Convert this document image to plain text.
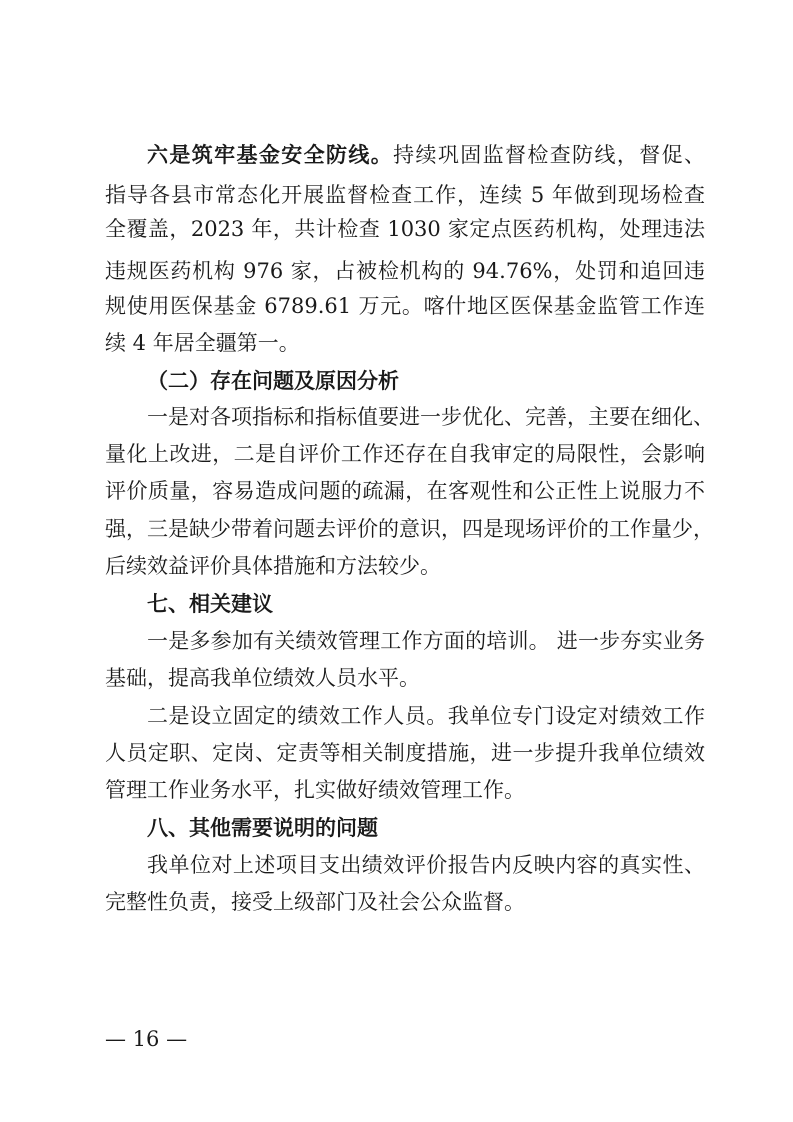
六是筑牢基金安全防线。持续巩固监督检查防线，督促、
指导各县市常态化开展监督检查工作，连续 5 年做到现场检查
全覆盖，2023 年，共计检查 1030 家定点医药机构，处理违法
违规医药机构 976 家，占被检机构的 94.76%，处罚和追回违
规使用医保基金 6789.61 万元。喀什地区医保基金监管工作连
续 4 年居全疆第一。
（二）存在问题及原因分析
一是对各项指标和指标值要进一步优化、完善，主要在细化、
量化上改进，二是自评价工作还存在自我审定的局限性，会影响
评价质量，容易造成问题的疏漏，在客观性和公正性上说服力不
强，三是缺少带着问题去评价的意识，四是现场评价的工作量少，
后续效益评价具体措施和方法较少。
七、相关建议
一是多参加有关绩效管理工作方面的培训。 进一步夯实业务
基础，提高我单位绩效人员水平。
二是设立固定的绩效工作人员。我单位专门设定对绩效工作
人员定职、定岗、定责等相关制度措施，进一步提升我单位绩效
管理工作业务水平，扎实做好绩效管理工作。
八、其他需要说明的问题
我单位对上述项目支出绩效评价报告内反映内容的真实性、
完整性负责，接受上级部门及社会公众监督。
— 16 —
